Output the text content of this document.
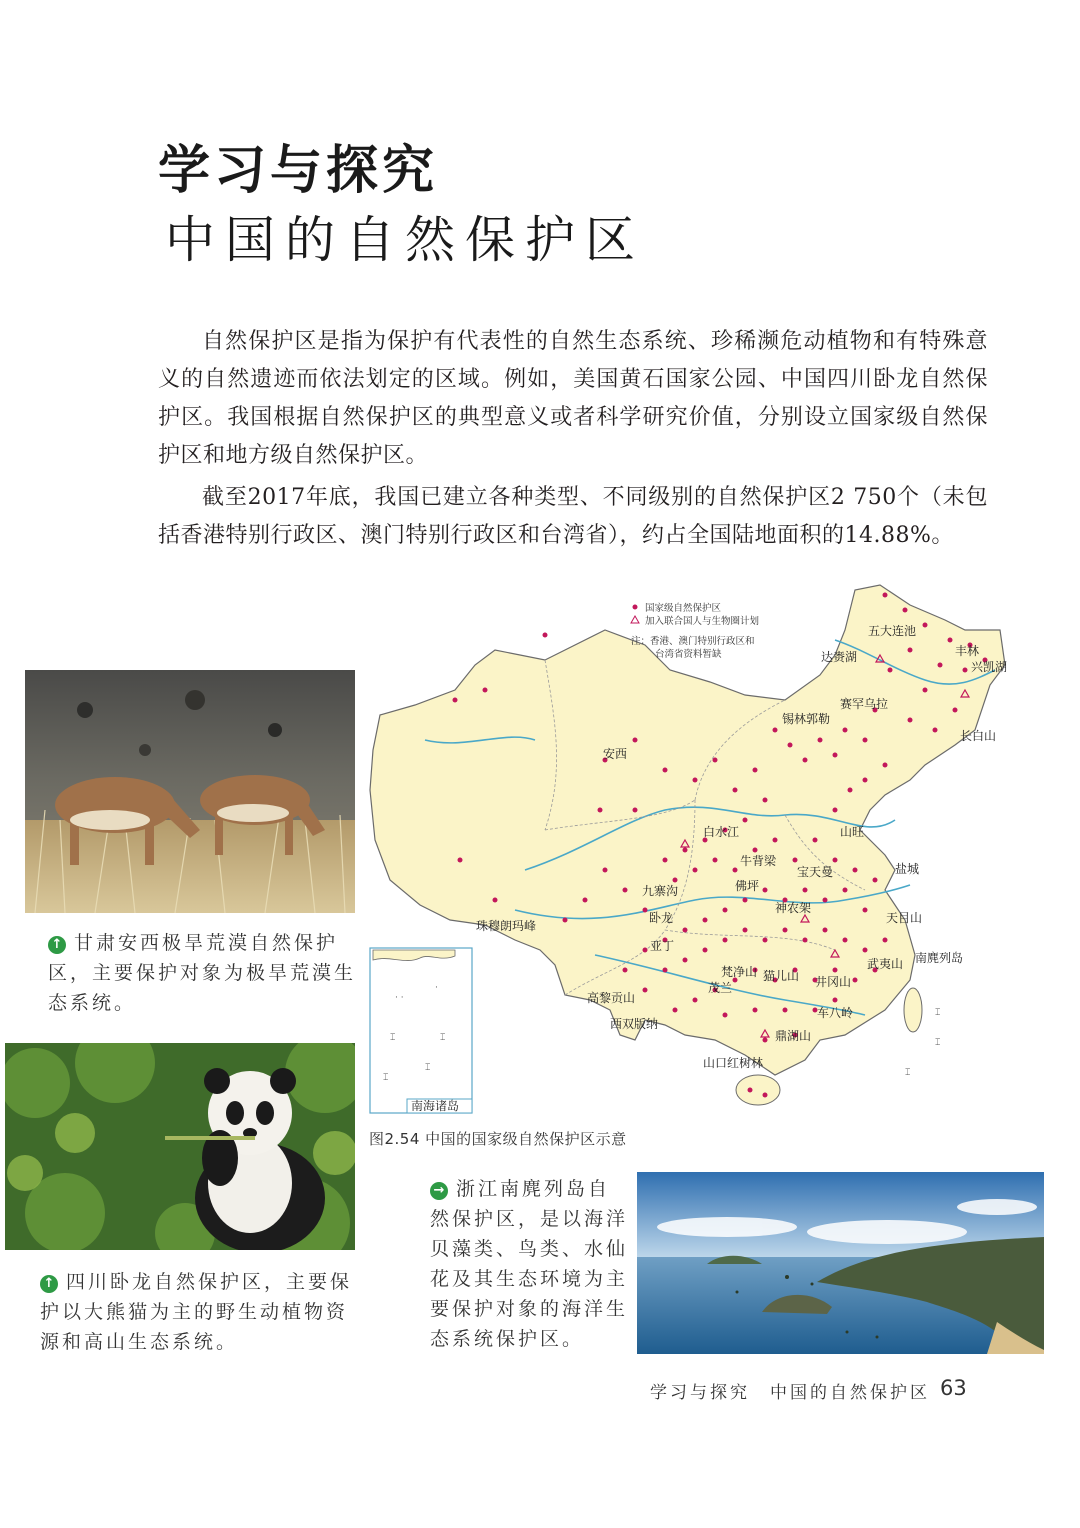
学习与探究
中国的自然保护区
自然保护区是指为保护有代表性的自然生态系统、珍稀濒危动植物和有特殊意义的自然遗迹而依法划定的区域。例如，美国黄石国家公园、中国四川卧龙自然保护区。我国根据自然保护区的典型意义或者科学研究价值，分别设立国家级自然保护区和地方级自然保护区。
截至2017年底，我国已建立各种类型、不同级别的自然保护区2 750个（未包括香港特别行政区、澳门特别行政区和台湾省），约占全国陆地面积的14.88%。
↑ 甘肃安西极旱荒漠自然保护区，主要保护对象为极旱荒漠生态系统。
↑ 四川卧龙自然保护区，主要保护以大熊猫为主的野生动植物资源和高山生态系统。
国家级自然保护区
加入联合国人与生物圈计划
注：香港、澳门特别行政区和
台湾省资料暂缺
五大连池
丰林
兴凯湖
达赉湖
赛罕乌拉
锡林郭勒
长白山
安西
白水江	山旺
牛背梁
宝天曼	盐城
九寨沟	佛坪
卧龙
神农架
天目山
珠穆朗玛峰
亚丁
梵净山 猫儿山
武夷山 南麂列岛
高黎贡山
茂兰	井冈山
西双版纳
车八岭
鼎湖山
山口红树林
· ·
·
⌶	⌶
⌶
⌶
南海诸岛
⌶
⌶
⌶
图2.54 中国的国家级自然保护区示意
→ 浙江南麂列岛自然保护区，是以海洋贝藻类、鸟类、水仙花及其生态环境为主要保护对象的海洋生态系统保护区。
学习与探究　中国的自然保护区 63
